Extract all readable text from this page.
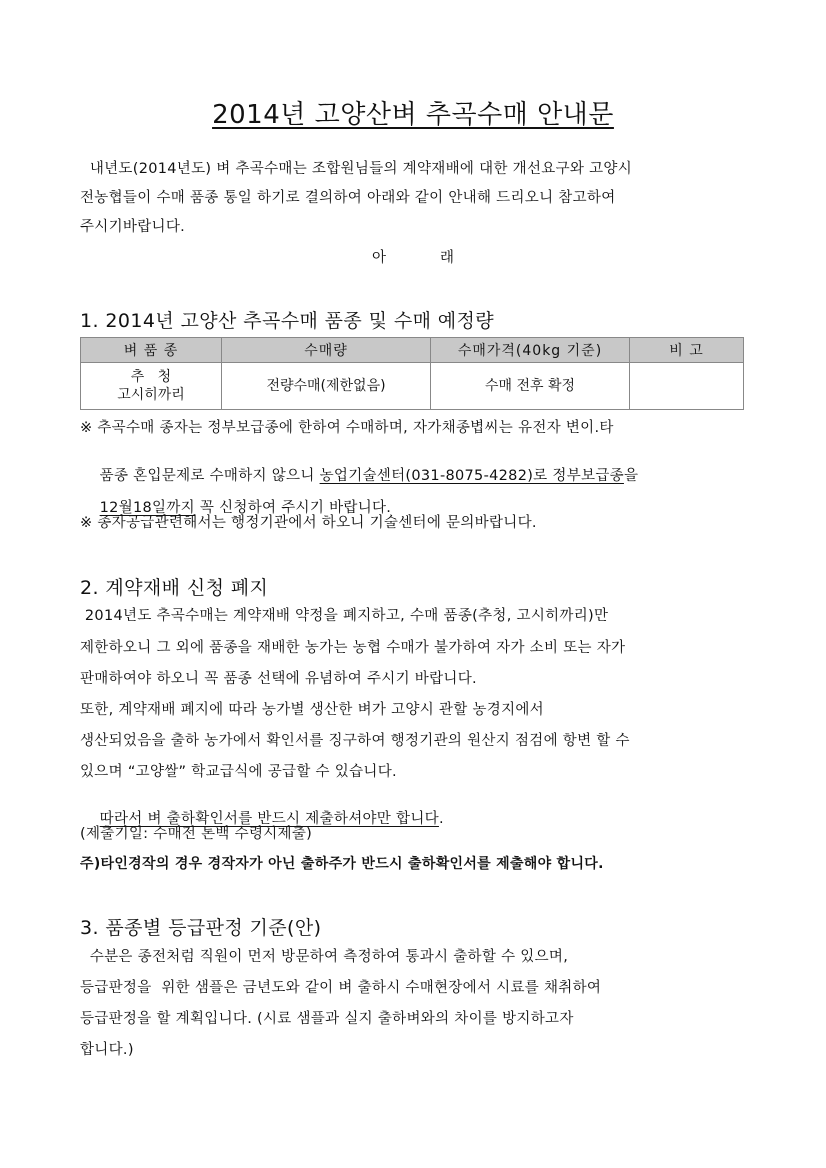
2014년 고양산벼 추곡수매 안내문
내년도(2014년도) 벼 추곡수매는 조합원님들의 계약재배에 대한 개선요구와 고양시
전농협들이 수매 품종 통일 하기로 결의하여 아래와 같이 안내해 드리오니 참고하여
주시기바랍니다.
아	래
1. 2014년 고양산 추곡수매 품종 및 수매 예정량
벼 품 종	수매량	수매가격(40kg 기준)	비 고

추   청
고시히까리	전량수매(제한없음)	수매 전후 확정	
※ 추곡수매 종자는 정부보급종에 한하여 수매하며, 자가채종볍씨는 유전자 변이.타

품종 혼입문제로 수매하지 않으니 농업기술센터(031-8075-4282)로 정부보급종을

12월18일까지 꼭 신청하여 주시기 바랍니다.

※ 종자공급관련해서는 행정기관에서 하오니 기술센터에 문의바랍니다.
2. 계약재배 신청 폐지
2014년도 추곡수매는 계약재배 약정을 폐지하고, 수매 품종(추청, 고시히까리)만
제한하오니 그 외에 품종을 재배한 농가는 농협 수매가 불가하여 자가 소비 또는 자가
판매하여야 하오니 꼭 품종 선택에 유념하여 주시기 바랍니다.
또한, 계약재배 폐지에 따라 농가별 생산한 벼가 고양시 관할 농경지에서
생산되었음을 출하 농가에서 확인서를 징구하여 행정기관의 원산지 점검에 항변 할 수
있으며 “고양쌀” 학교급식에 공급할 수 있습니다.

따라서 벼 출하확인서를 반드시 제출하셔야만 합니다.

(제출기일: 수매전 톤백 수령시제출)
주)타인경작의 경우 경작자가 아닌 출하주가 반드시 출하확인서를 제출해야 합니다.
3. 품종별 등급판정 기준(안)
수분은 종전처럼 직원이 먼저 방문하여 측정하여 통과시 출하할 수 있으며,
등급판정을  위한 샘플은 금년도와 같이 벼 출하시 수매현장에서 시료를 채취하여
등급판정을 할 계획입니다. (시료 샘플과 실지 출하벼와의 차이를 방지하고자
합니다.)
